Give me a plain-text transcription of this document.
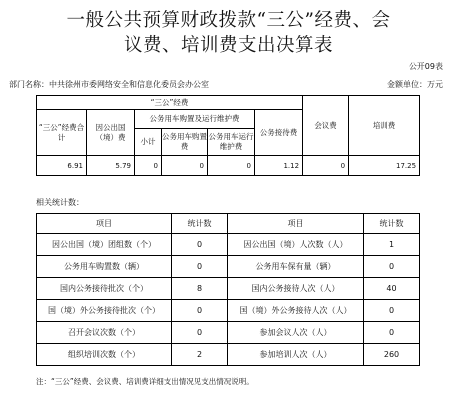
一般公共预算财政拨款“三公”经费、会
议费、培训费支出决算表
公开09表
部门名称：中共徐州市委网络安全和信息化委员会办公室	金额单位：万元
“三公”经费						会议费	培训费
“三公”经费合计	因公出国（境）费	公务用车购置及运行维护费			公务接待费		
		小计	公务用车购置费	公务用车运行维护费			
6.91	5.79	0	0	0	1.12	0	17.25
相关统计数：
项目	统计数	项目	统计数
因公出国（境）团组数（个）	0	因公出国（境）人次数（人）	1
公务用车购置数（辆）	0	公务用车保有量（辆）	0
国内公务接待批次（个）	8	国内公务接待人次（人）	40
国（境）外公务接待批次（个）	0	国（境）外公务接待人次（人）	0
召开会议次数（个）	0	参加会议人次（人）	0
组织培训次数（个）	2	参加培训人次（人）	260
注：“三公”经费、会议费、培训费详细支出情况见支出情况说明。
